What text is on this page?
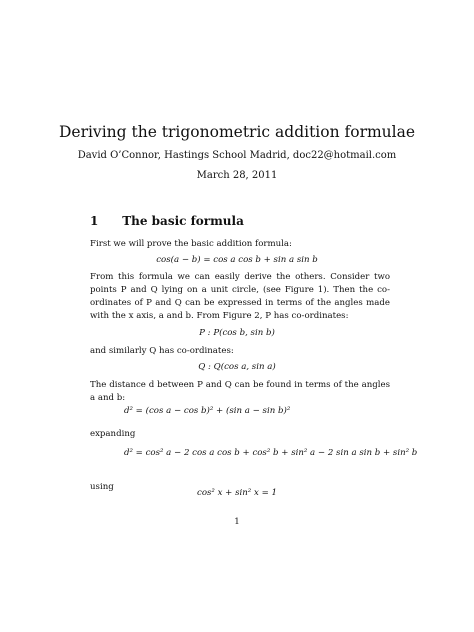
Deriving the trigonometric addition formulae
David O’Connor, Hastings School Madrid, doc22@hotmail.com
March 28, 2011
1 The basic formula
First we will prove the basic addition formula:
cos(a − b) = cos a cos b + sin a sin b
From this formula we can easily derive the others. Consider two points P and Q lying on a unit circle, (see Figure 1). Then the co-ordinates of P and Q can be expressed in terms of the angles made with the x axis, a and b. From Figure 2, P has co-ordinates:
P : P(cos b, sin b)
and similarly Q has co-ordinates:
Q : Q(cos a, sin a)
The distance d between P and Q can be found in terms of the angles a and b:
d² = (cos a − cos b)² + (sin a − sin b)²
expanding
d² = cos² a − 2 cos a cos b + cos² b + sin² a − 2 sin a sin b + sin² b
using
cos² x + sin² x = 1
1
